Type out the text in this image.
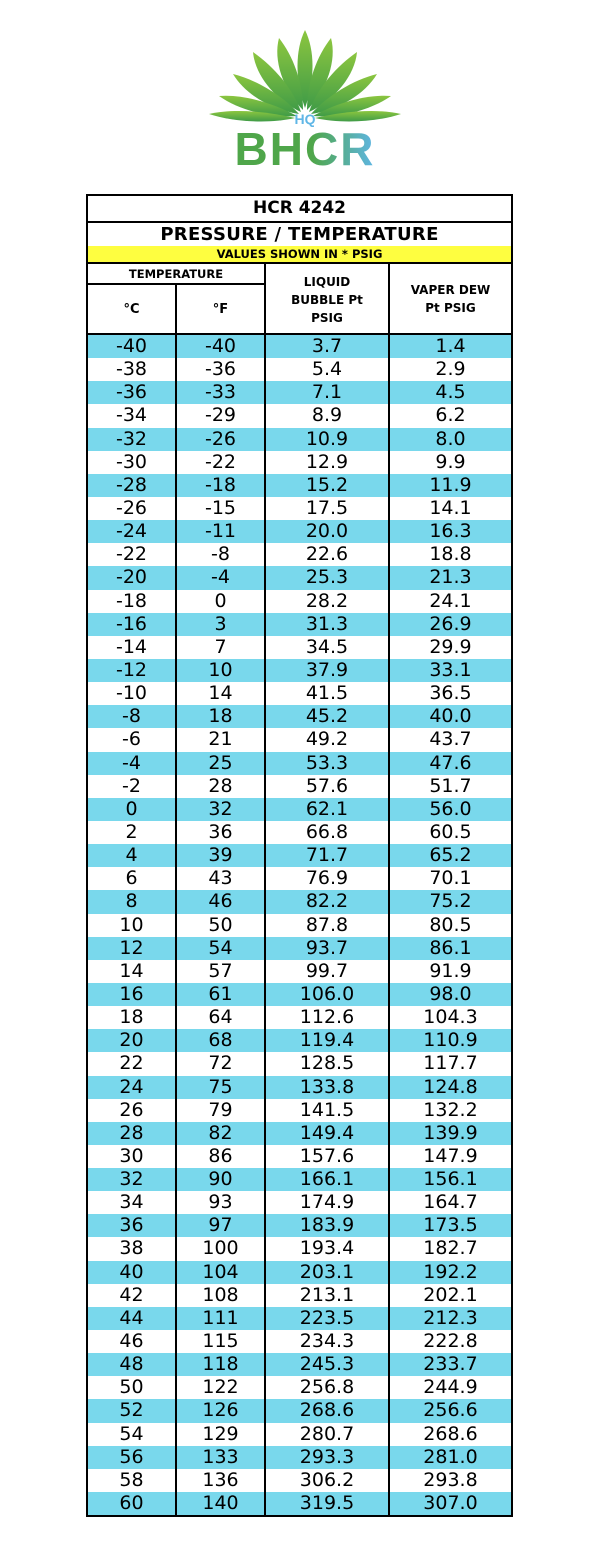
HQ
BHCR
HCR 4242
PRESSURE / TEMPERATURE
VALUES SHOWN IN * PSIG
TEMPERATURE
°C	°F
LIQUID
BUBBLE Pt
PSIG
VAPER DEW
Pt PSIG
-40	-40	3.7	1.4
-38	-36	5.4	2.9
-36	-33	7.1	4.5
-34	-29	8.9	6.2
-32	-26	10.9	8.0
-30	-22	12.9	9.9
-28	-18	15.2	11.9
-26	-15	17.5	14.1
-24	-11	20.0	16.3
-22	-8	22.6	18.8
-20	-4	25.3	21.3
-18	0	28.2	24.1
-16	3	31.3	26.9
-14	7	34.5	29.9
-12	10	37.9	33.1
-10	14	41.5	36.5
-8	18	45.2	40.0
-6	21	49.2	43.7
-4	25	53.3	47.6
-2	28	57.6	51.7
0	32	62.1	56.0
2	36	66.8	60.5
4	39	71.7	65.2
6	43	76.9	70.1
8	46	82.2	75.2
10	50	87.8	80.5
12	54	93.7	86.1
14	57	99.7	91.9
16	61	106.0	98.0
18	64	112.6	104.3
20	68	119.4	110.9
22	72	128.5	117.7
24	75	133.8	124.8
26	79	141.5	132.2
28	82	149.4	139.9
30	86	157.6	147.9
32	90	166.1	156.1
34	93	174.9	164.7
36	97	183.9	173.5
38	100	193.4	182.7
40	104	203.1	192.2
42	108	213.1	202.1
44	111	223.5	212.3
46	115	234.3	222.8
48	118	245.3	233.7
50	122	256.8	244.9
52	126	268.6	256.6
54	129	280.7	268.6
56	133	293.3	281.0
58	136	306.2	293.8
60	140	319.5	307.0
